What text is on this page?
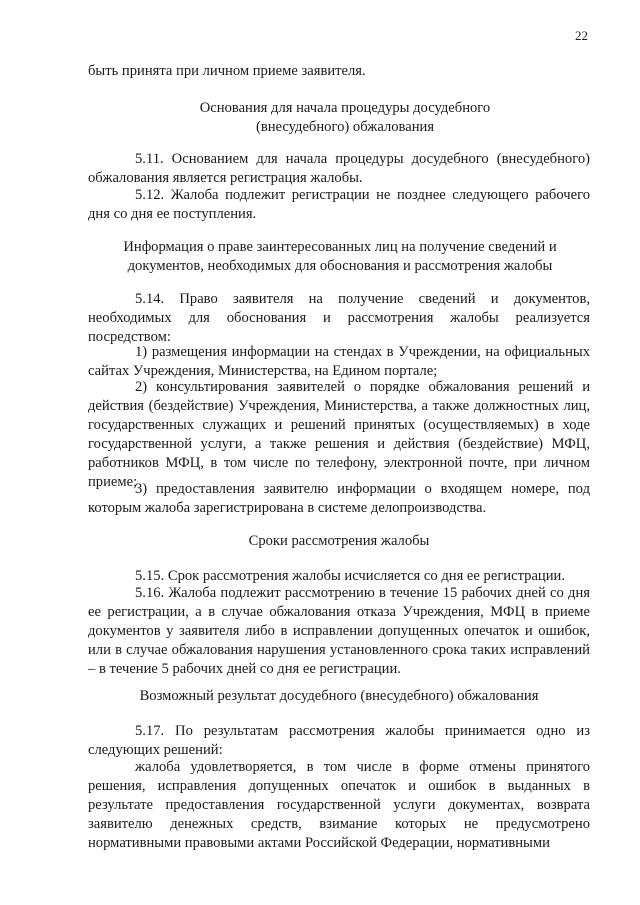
22

быть принята при личном приеме заявителя.

Основания для начала процедуры досудебного (внесудебного) обжалования

5.11. Основанием для начала процедуры досудебного (внесудебного) обжалования является регистрация жалобы.

5.12. Жалоба подлежит регистрации не позднее следующего рабочего дня со дня ее поступления.

Информация о праве заинтересованных лиц на получение сведений и документов, необходимых для обоснования и рассмотрения жалобы

5.14. Право заявителя на получение сведений и документов, необходимых для обоснования и рассмотрения жалобы реализуется посредством:

1) размещения информации на стендах в Учреждении, на официальных сайтах Учреждения, Министерства, на Едином портале;

2) консультирования заявителей о порядке обжалования решений и действия (бездействие) Учреждения, Министерства, а также должностных лиц, государственных служащих и решений принятых (осуществляемых) в ходе государственной услуги, а также решения и действия (бездействие) МФЦ, работников МФЦ, в том числе по телефону, электронной почте, при личном приеме;

3) предоставления заявителю информации о входящем номере, под которым жалоба зарегистрирована в системе делопроизводства.

Сроки рассмотрения жалобы

5.15. Срок рассмотрения жалобы исчисляется со дня ее регистрации.

5.16. Жалоба подлежит рассмотрению в течение 15 рабочих дней со дня ее регистрации, а в случае обжалования отказа Учреждения, МФЦ в приеме документов у заявителя либо в исправлении допущенных опечаток и ошибок, или в случае обжалования нарушения установленного срока таких исправлений – в течение 5 рабочих дней со дня ее регистрации.

Возможный результат досудебного (внесудебного) обжалования

5.17. По результатам рассмотрения жалобы принимается одно из следующих решений:

жалоба удовлетворяется, в том числе в форме отмены принятого решения, исправления допущенных опечаток и ошибок в выданных в результате предоставления государственной услуги документах, возврата заявителю денежных средств, взимание которых не предусмотрено нормативными правовыми актами Российской Федерации, нормативными
